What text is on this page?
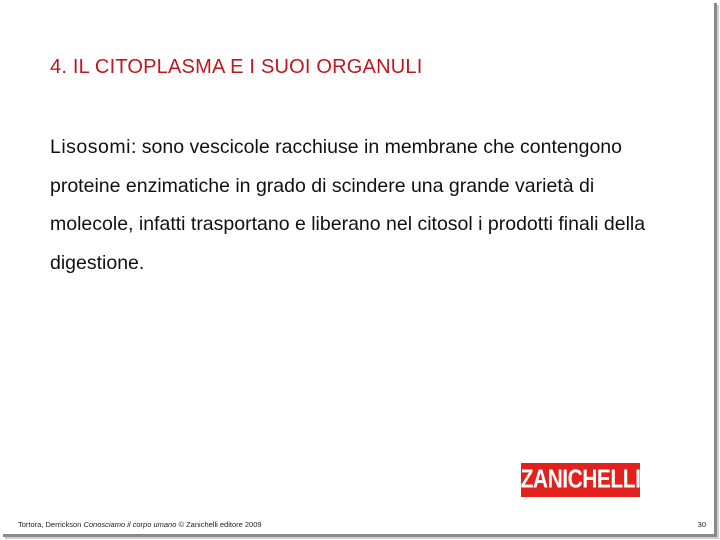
4. IL CITOPLASMA E I SUOI ORGANULI
Lisosomi: sono vescicole racchiuse in membrane che contengono proteine enzimatiche in grado di scindere una grande varietà di molecole, infatti trasportano e liberano nel citosol i prodotti finali della digestione.
ZANICHELLI
Tortora, Derrickson Conosciamo il corpo umano © Zanichelli editore 2009	30
